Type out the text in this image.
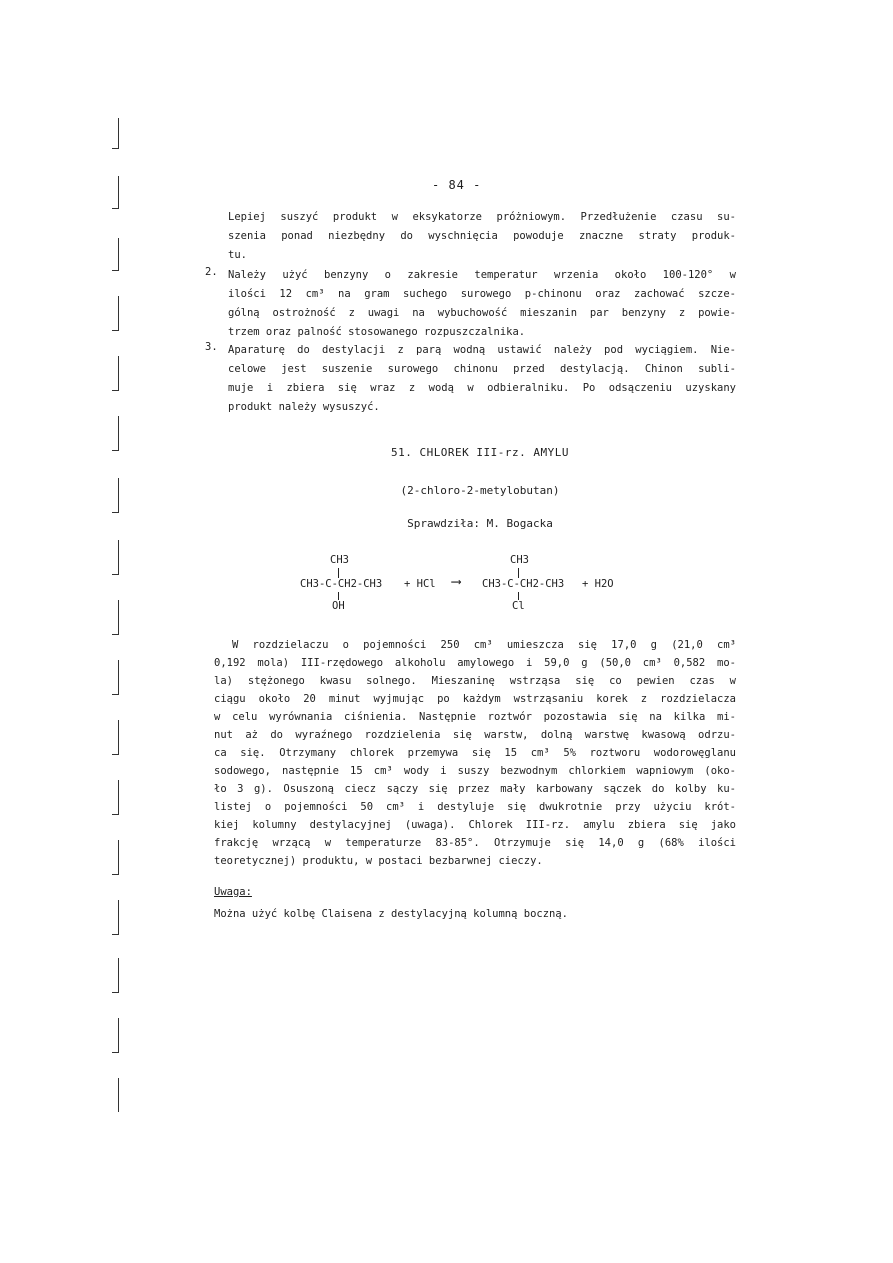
- 84 -
Lepiej suszyć produkt w eksykatorze próżniowym. Przedłużenie czasu su-
szenia ponad niezbędny do wyschnięcia powoduje znaczne straty produk-
tu.
2. Należy użyć benzyny o zakresie temperatur wrzenia około 100-120° w
ilości 12 cm³ na gram suchego surowego p-chinonu oraz zachować szcze-
gólną ostrożność z uwagi na wybuchowość mieszanin par benzyny z powie-
trzem oraz palność stosowanego rozpuszczalnika.
3. Aparaturę do destylacji z parą wodną ustawić należy pod wyciągiem. Nie-
celowe jest suszenie surowego chinonu przed destylacją. Chinon subli-
muje i zbiera się wraz z wodą w odbieralniku. Po odsączeniu uzyskany
produkt należy wysuszyć.
51. CHLOREK III-rz. AMYLU
(2-chloro-2-metylobutan)
Sprawdziła: M. Bogacka
CH3
CH3-C-CH2-CH3
OH
+ HCl ⟶
CH3
CH3-C-CH2-CH3
Cl
+ H2O
W rozdzielaczu o pojemności 250 cm³ umieszcza się 17,0 g (21,0 cm³
0,192 mola) III-rzędowego alkoholu amylowego i 59,0 g (50,0 cm³ 0,582 mo-
la) stężonego kwasu solnego. Mieszaninę wstrząsa się co pewien czas w
ciągu około 20 minut wyjmując po każdym wstrząsaniu korek z rozdzielacza
w celu wyrównania ciśnienia. Następnie roztwór pozostawia się na kilka mi-
nut aż do wyraźnego rozdzielenia się warstw, dolną warstwę kwasową odrzu-
ca się. Otrzymany chlorek przemywa się 15 cm³ 5% roztworu wodorowęglanu
sodowego, następnie 15 cm³ wody i suszy bezwodnym chlorkiem wapniowym (oko-
ło 3 g). Osuszoną ciecz sączy się przez mały karbowany sączek do kolby ku-
listej o pojemności 50 cm³ i destyluje się dwukrotnie przy użyciu krót-
kiej kolumny destylacyjnej (uwaga). Chlorek III-rz. amylu zbiera się jako
frakcję wrzącą w temperaturze 83-85°. Otrzymuje się 14,0 g (68% ilości
teoretycznej) produktu, w postaci bezbarwnej cieczy.
Uwaga:
Można użyć kolbę Claisena z destylacyjną kolumną boczną.
